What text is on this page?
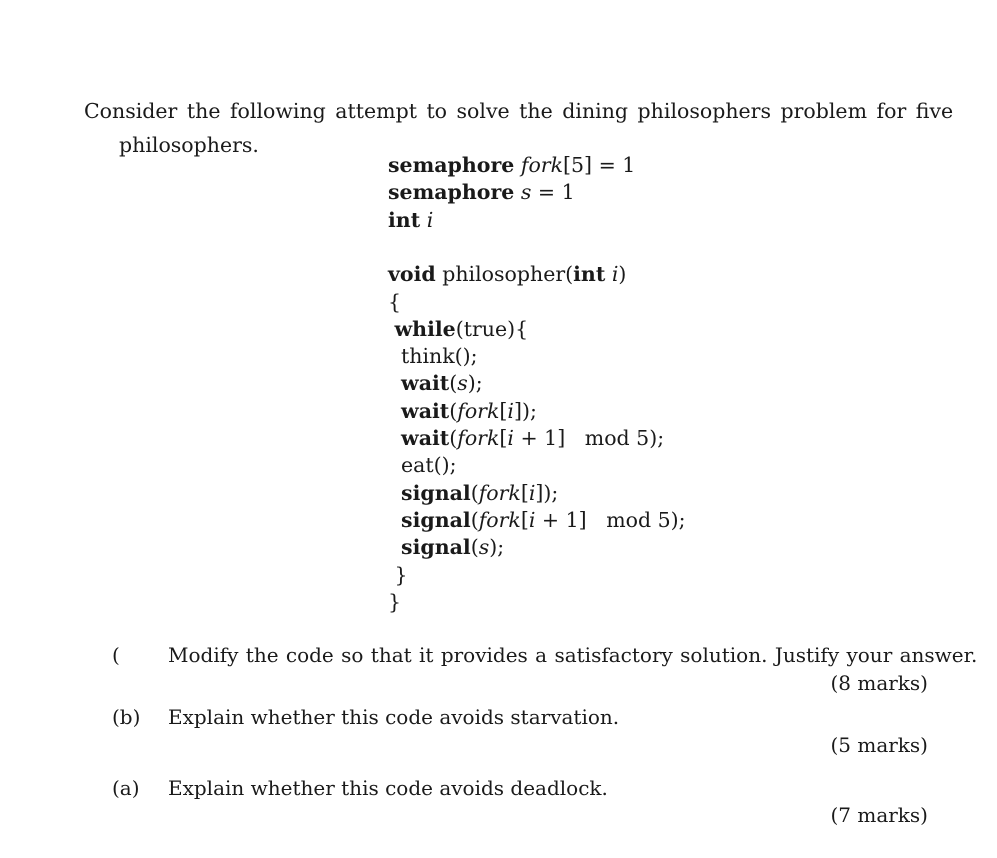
Consider the following attempt to solve the dining philosophers problem for five
philosophers.
semaphore fork[5] = 1
semaphore s = 1
int i
void philosopher(int i)
{
while(true){
think();
wait(s);
wait(fork[i]);
wait(fork[i + 1]   mod 5);
eat();
signal(fork[i]);
signal(fork[i + 1]   mod 5);
signal(s);
}
}
( Modify the code so that it provides a satisfactory solution. Justify your answer.
(8 marks)
(b) Explain whether this code avoids starvation.
(5 marks)
(a) Explain whether this code avoids deadlock.
(7 marks)
